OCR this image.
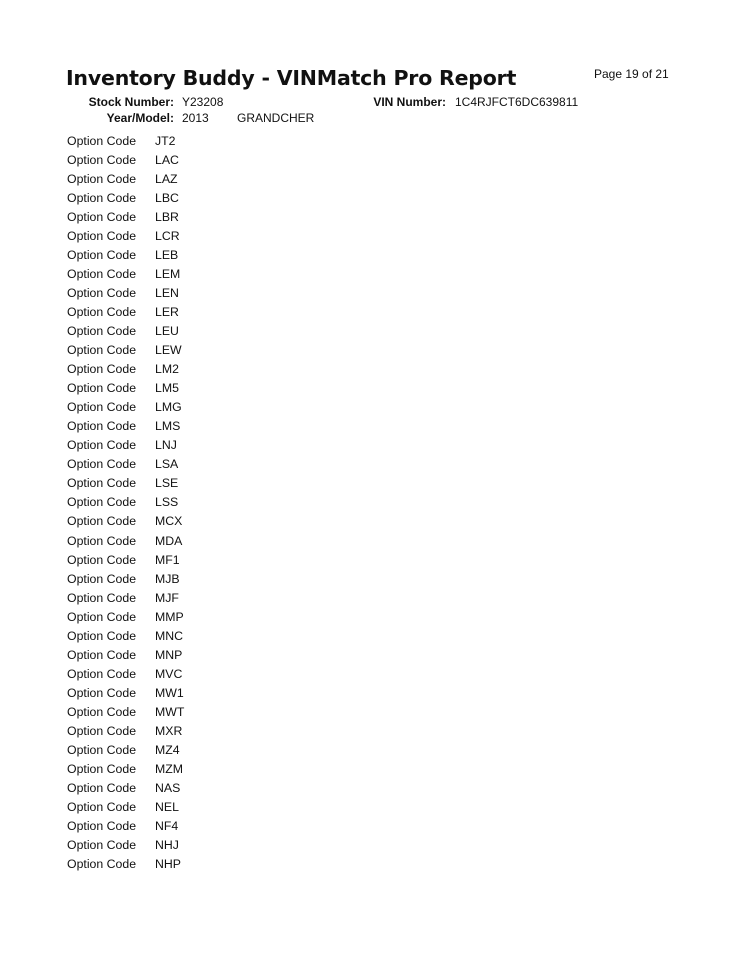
Inventory Buddy - VINMatch Pro Report	Page 19 of 21
Stock Number: Y23208	VIN Number: 1C4RJFCT6DC639811
Year/Model: 2013 GRANDCHER
Option Code	JT2
Option Code	LAC
Option Code	LAZ
Option Code	LBC
Option Code	LBR
Option Code	LCR
Option Code	LEB
Option Code	LEM
Option Code	LEN
Option Code	LER
Option Code	LEU
Option Code	LEW
Option Code	LM2
Option Code	LM5
Option Code	LMG
Option Code	LMS
Option Code	LNJ
Option Code	LSA
Option Code	LSE
Option Code	LSS
Option Code	MCX
Option Code	MDA
Option Code	MF1
Option Code	MJB
Option Code	MJF
Option Code	MMP
Option Code	MNC
Option Code	MNP
Option Code	MVC
Option Code	MW1
Option Code	MWT
Option Code	MXR
Option Code	MZ4
Option Code	MZM
Option Code	NAS
Option Code	NEL
Option Code	NF4
Option Code	NHJ
Option Code	NHP
